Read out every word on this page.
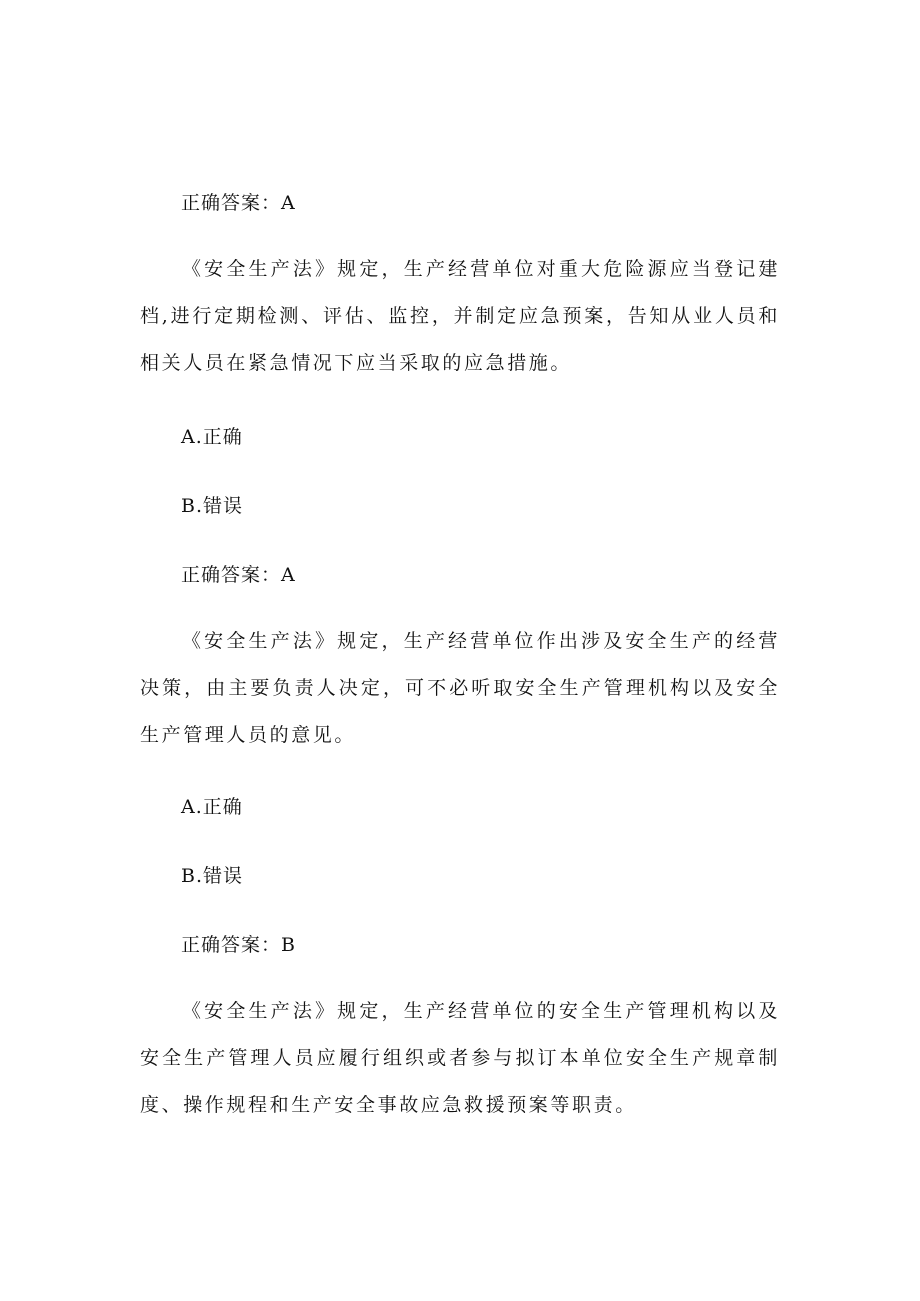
正确答案：A

《安全生产法》规定，生产经营单位对重大危险源应当登记建档,进行定期检测、评估、监控，并制定应急预案，告知从业人员和相关人员在紧急情况下应当采取的应急措施。

A.正确

B.错误

正确答案：A

《安全生产法》规定，生产经营单位作出涉及安全生产的经营决策，由主要负责人决定，可不必听取安全生产管理机构以及安全生产管理人员的意见。

A.正确

B.错误

正确答案：B

《安全生产法》规定，生产经营单位的安全生产管理机构以及安全生产管理人员应履行组织或者参与拟订本单位安全生产规章制度、操作规程和生产安全事故应急救援预案等职责。
